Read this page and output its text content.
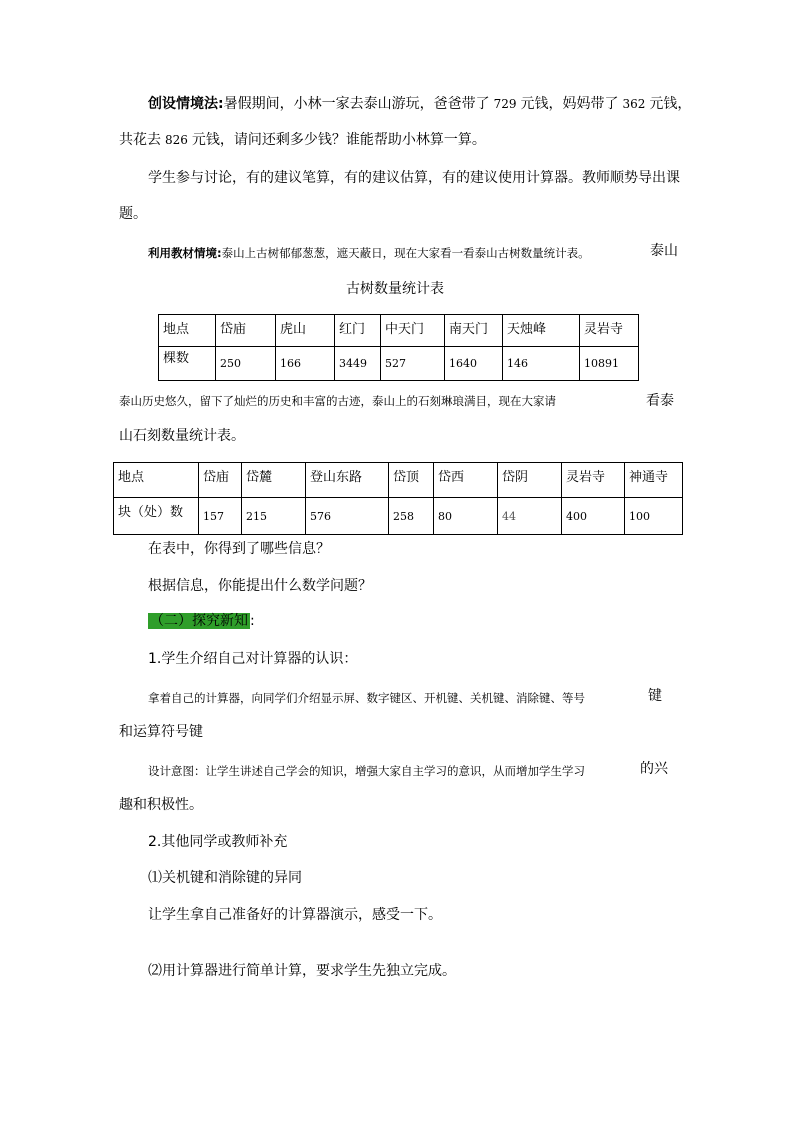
创设情境法:暑假期间，小林一家去泰山游玩，爸爸带了 729 元钱，妈妈带了 362 元钱，
共花去 826 元钱，请问还剩多少钱？谁能帮助小林算一算。
学生参与讨论，有的建议笔算，有的建议估算，有的建议使用计算器。教师顺势导出课
题。
利用教材情境:泰山上古树郁郁葱葱，遮天蔽日，现在大家看一看泰山古树数量统计表。	泰山
古树数量统计表
地点	岱庙	虎山	红门	中天门	南天门	天烛峰	灵岩寺

棵数	250	166	3449	527	1640	146	10891
泰山历史悠久，留下了灿烂的历史和丰富的古迹，泰山上的石刻琳琅满目，现在大家请	看泰
山石刻数量统计表。
地点	岱庙	岱麓	登山东路	岱顶	岱西	岱阴	灵岩寺	神通寺

块（处）数	157	215	576	258	80	44	400	100
在表中，你得到了哪些信息？
根据信息，你能提出什么数学问题？
（二）探究新知 :
1.学生介绍自己对计算器的认识：
拿着自己的计算器，向同学们介绍显示屏、数字键区、开机键、关机键、消除键、等号	键
和运算符号键
设计意图：让学生讲述自己学会的知识，增强大家自主学习的意识，从而增加学生学习	的兴
趣和积极性。
2.其他同学或教师补充
⑴关机键和消除键的异同
让学生拿自己准备好的计算器演示，感受一下。
⑵用计算器进行简单计算，要求学生先独立完成。
